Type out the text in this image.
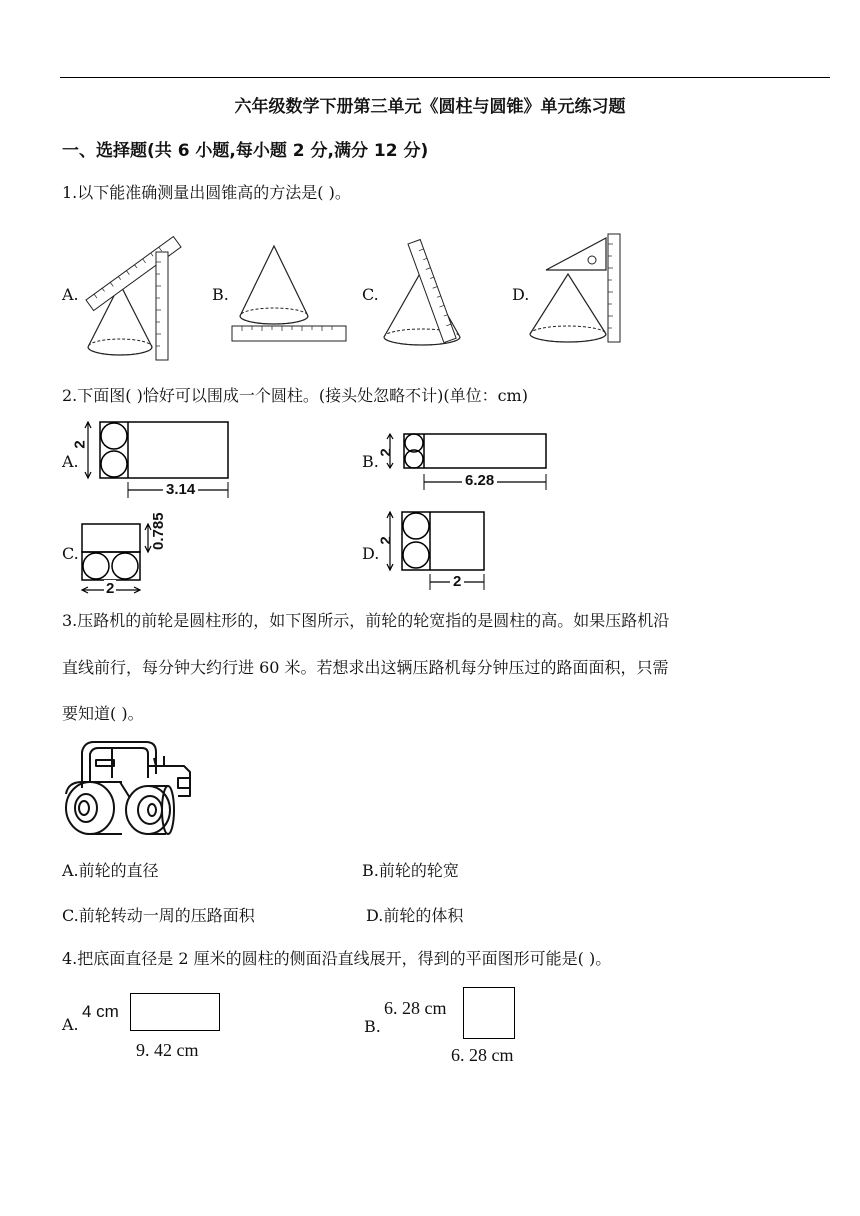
六年级数学下册第三单元《圆柱与圆锥》单元练习题
一、选择题(共 6 小题,每小题 2 分,满分 12 分)
1.以下能准确测量出圆锥高的方法是( )。
A.	B.	C.	D.
2.下面图( )恰好可以围成一个圆柱。(接头处忽略不计)(单位：cm)
A.
2
3.14
B.
2
6.28
C.
0.785
2
D.
2
2
3.压路机的前轮是圆柱形的，如下图所示，前轮的轮宽指的是圆柱的高。如果压路机沿
直线前行，每分钟大约行进 60 米。若想求出这辆压路机每分钟压过的路面面积，只需
要知道( )。
A.前轮的直径	B.前轮的轮宽
C.前轮转动一周的压路面积	D.前轮的体积
4.把底面直径是 2 厘米的圆柱的侧面沿直线展开，得到的平面图形可能是( )。
A.
4 cm
9. 42 cm
B.
6. 28 cm
6. 28 cm
